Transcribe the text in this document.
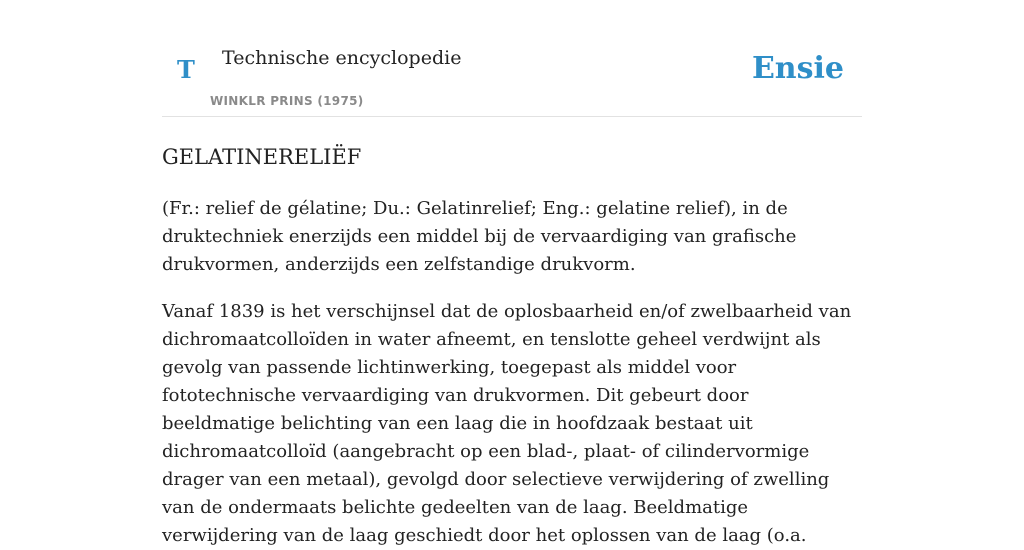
T Technische encyclopedie
WINKLR PRINS (1975)
Ensie
GELATINERELIËF

(Fr.: relief de gélatine; Du.: Gelatinrelief; Eng.: gelatine relief), in de druktechniek enerzijds een middel bij de vervaardiging van grafische drukvormen, anderzijds een zelfstandige drukvorm.

Vanaf 1839 is het verschijnsel dat de oplosbaarheid en/of zwelbaarheid van dichromaatcolloïden in water afneemt, en tenslotte geheel verdwijnt als gevolg van passende lichtinwerking, toegepast als middel voor fototechnische vervaardiging van drukvormen. Dit gebeurt door beeldmatige belichting van een laag die in hoofdzaak bestaat uit dichromaatcolloïd (aangebracht op een blad-, plaat- of cilindervormige drager van een metaal), gevolgd door selectieve verwijdering of zwelling van de ondermaats belichte gedeelten van de laag. Beeldmatige verwijdering van de laag geschiedt door het oplossen van de laag (o.a.
